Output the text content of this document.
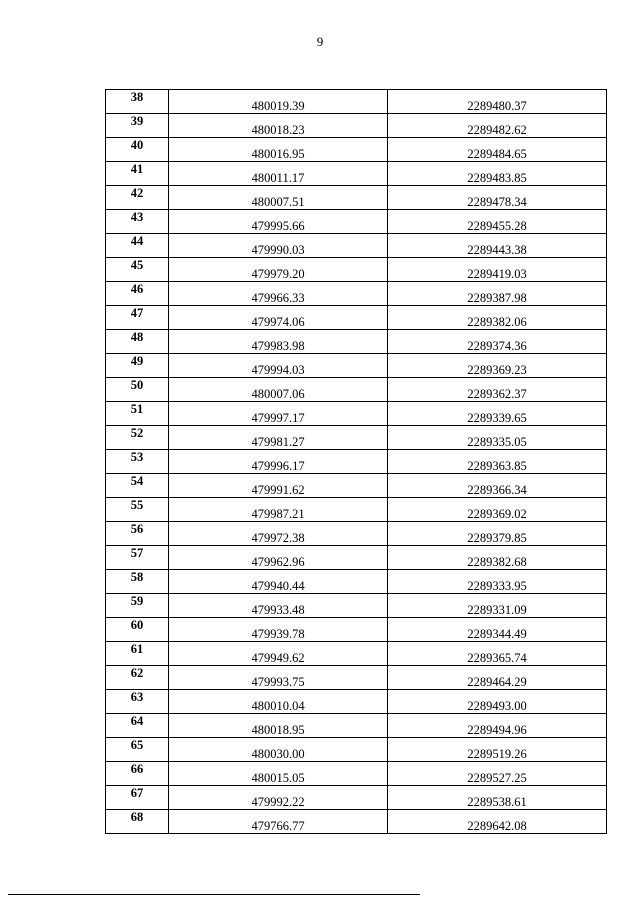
9
38	480019.39	2289480.37
39	480018.23	2289482.62
40	480016.95	2289484.65
41	480011.17	2289483.85
42	480007.51	2289478.34
43	479995.66	2289455.28
44	479990.03	2289443.38
45	479979.20	2289419.03
46	479966.33	2289387.98
47	479974.06	2289382.06
48	479983.98	2289374.36
49	479994.03	2289369.23
50	480007.06	2289362.37
51	479997.17	2289339.65
52	479981.27	2289335.05
53	479996.17	2289363.85
54	479991.62	2289366.34
55	479987.21	2289369.02
56	479972.38	2289379.85
57	479962.96	2289382.68
58	479940.44	2289333.95
59	479933.48	2289331.09
60	479939.78	2289344.49
61	479949.62	2289365.74
62	479993.75	2289464.29
63	480010.04	2289493.00
64	480018.95	2289494.96
65	480030.00	2289519.26
66	480015.05	2289527.25
67	479992.22	2289538.61
68	479766.77	2289642.08
